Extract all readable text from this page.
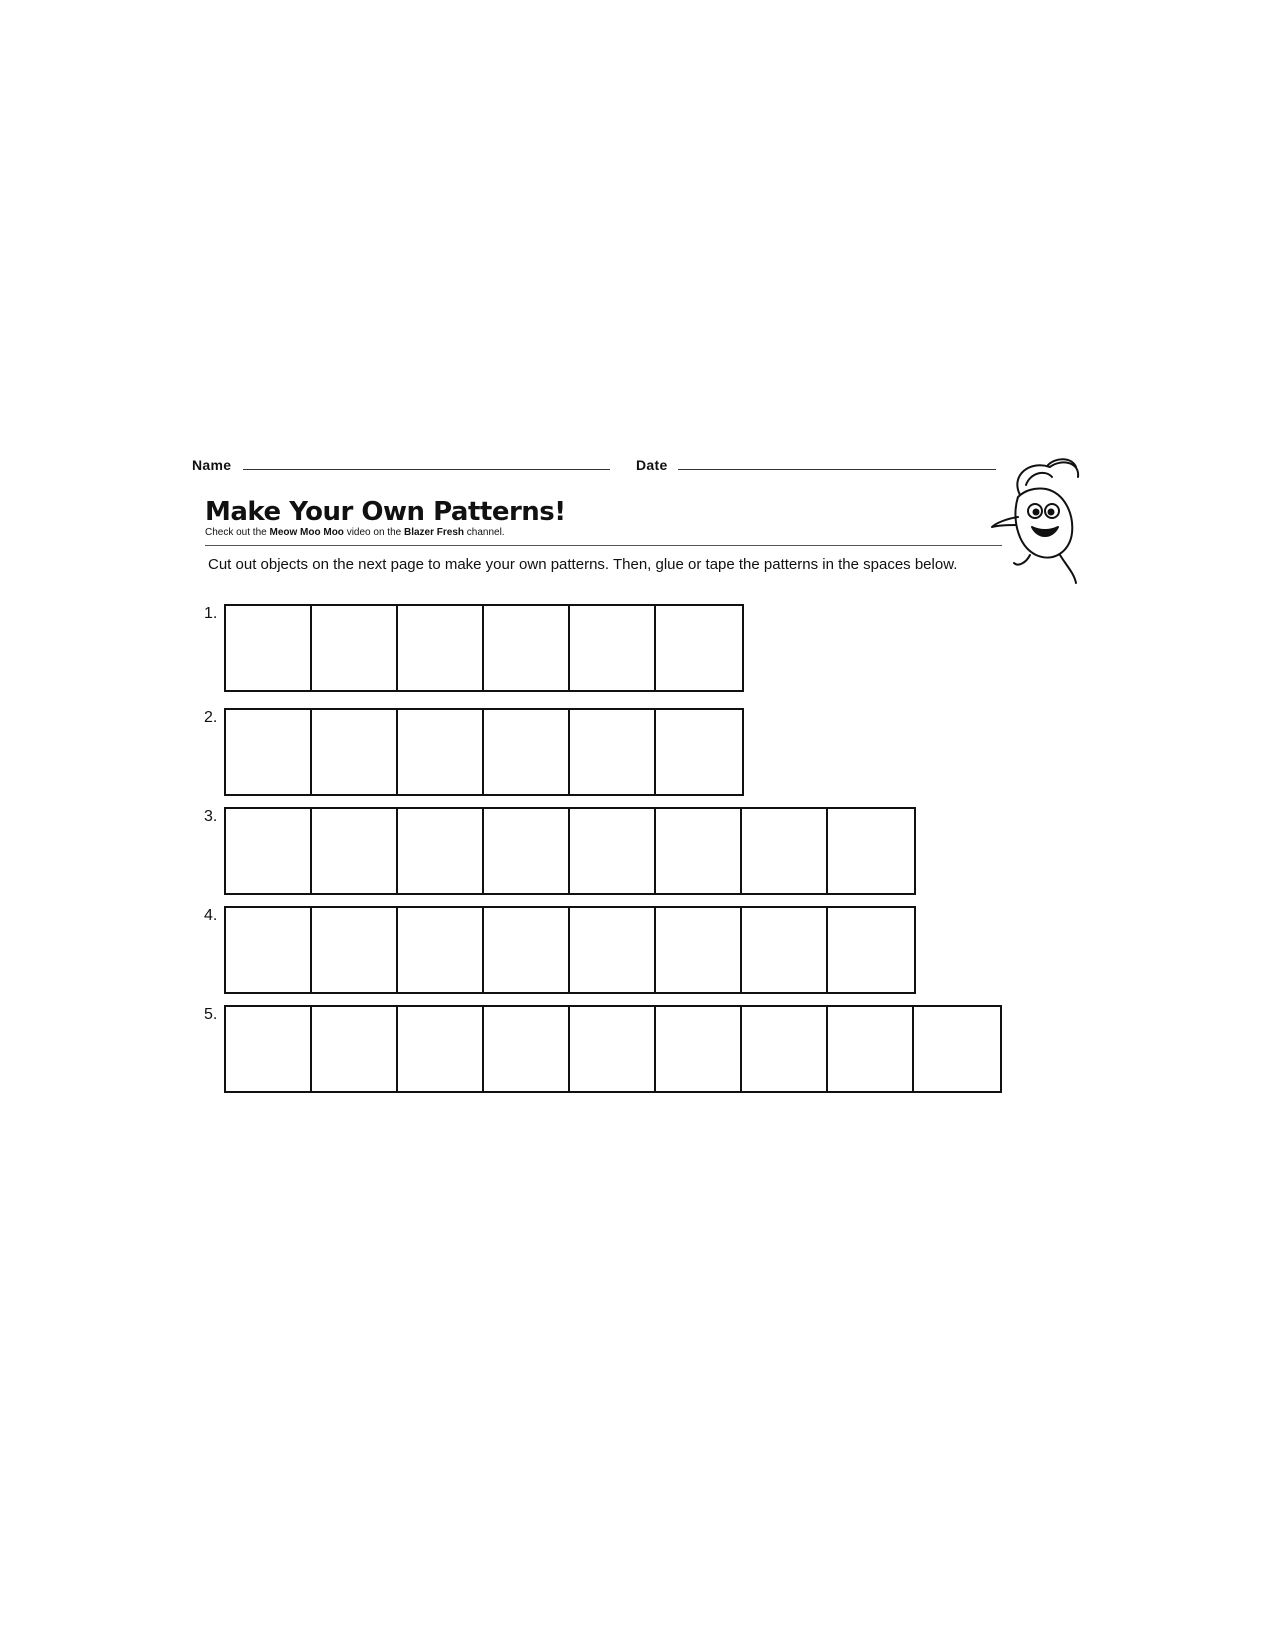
Name	Date
Make Your Own Patterns!
Check out the Meow Moo Moo video on the Blazer Fresh channel.
Cut out objects on the next page to make your own patterns. Then, glue or tape the patterns in the spaces below.
1.
2.
3.
4.
5.
